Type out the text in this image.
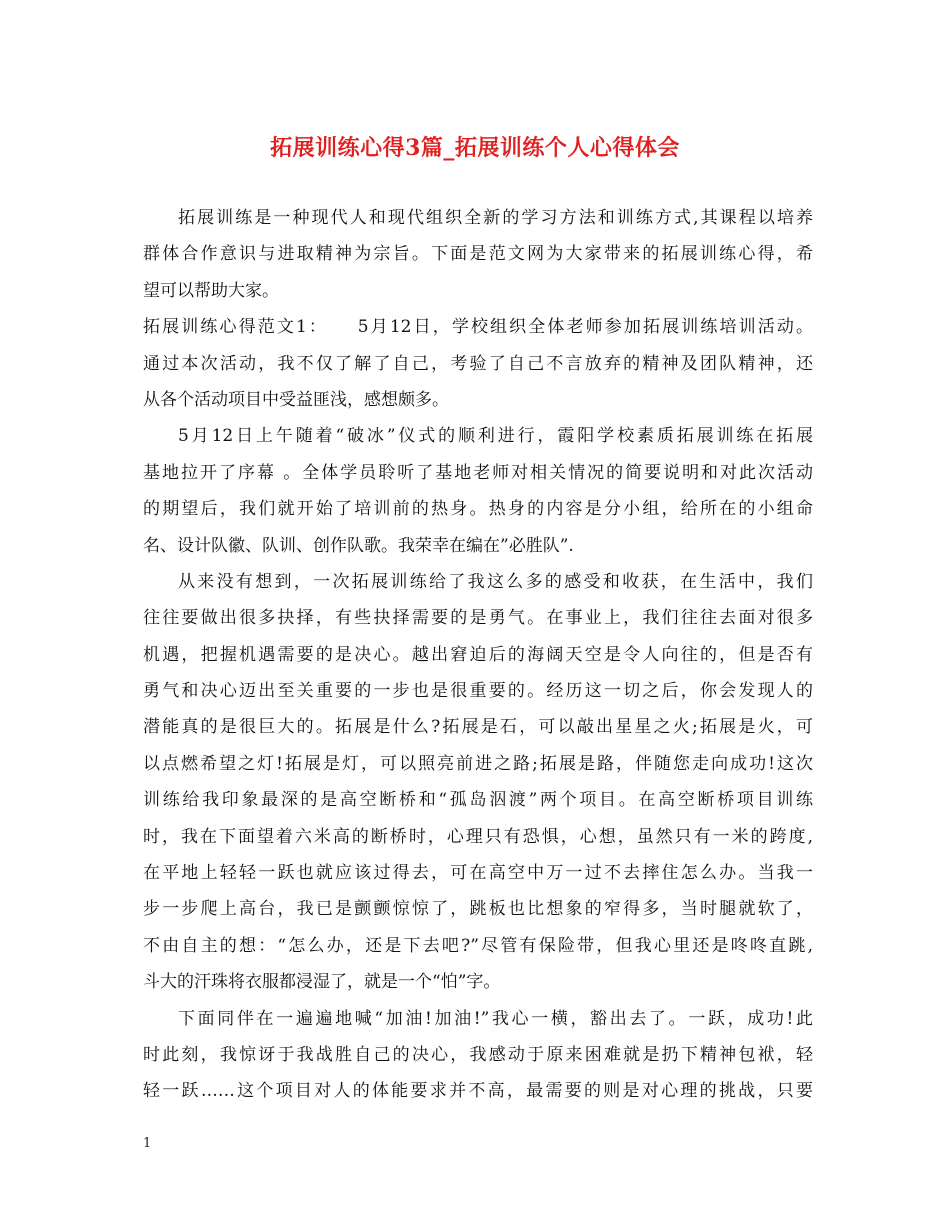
拓展训练心得3篇_拓展训练个人心得体会
拓展训练是一种现代人和现代组织全新的学习方法和训练方式,其课程以培养
群体合作意识与进取精神为宗旨。下面是范文网为大家带来的拓展训练心得，希
望可以帮助大家。
拓展训练心得范文1：　　5月12日，学校组织全体老师参加拓展训练培训活动。
通过本次活动，我不仅了解了自己，考验了自己不言放弃的精神及团队精神，还
从各个活动项目中受益匪浅，感想颇多。
5月12日上午随着“破冰”仪式的顺利进行，霞阳学校素质拓展训练在拓展
基地拉开了序幕 。全体学员聆听了基地老师对相关情况的简要说明和对此次活动
的期望后，我们就开始了培训前的热身。热身的内容是分小组，给所在的小组命
名、设计队徽、队训、创作队歌。我荣幸在编在”必胜队”.
从来没有想到，一次拓展训练给了我这么多的感受和收获，在生活中，我们
往往要做出很多抉择，有些抉择需要的是勇气。在事业上，我们往往去面对很多
机遇，把握机遇需要的是决心。越出窘迫后的海阔天空是令人向往的，但是否有
勇气和决心迈出至关重要的一步也是很重要的。经历这一切之后，你会发现人的
潜能真的是很巨大的。拓展是什么?拓展是石，可以敲出星星之火;拓展是火，可
以点燃希望之灯!拓展是灯，可以照亮前进之路;拓展是路，伴随您走向成功!这次
训练给我印象最深的是高空断桥和“孤岛泅渡”两个项目。在高空断桥项目训练
时，我在下面望着六米高的断桥时，心理只有恐惧，心想，虽然只有一米的跨度,
在平地上轻轻一跃也就应该过得去，可在高空中万一过不去摔住怎么办。当我一
步一步爬上高台，我已是颤颤惊惊了，跳板也比想象的窄得多，当时腿就软了，
不由自主的想：“怎么办，还是下去吧?”尽管有保险带，但我心里还是咚咚直跳,
斗大的汗珠将衣服都浸湿了，就是一个“怕”字。
下面同伴在一遍遍地喊“加油!加油!”我心一横，豁出去了。一跃，成功!此
时此刻，我惊讶于我战胜自己的决心，我感动于原来困难就是扔下精神包袱，轻
轻一跃……这个项目对人的体能要求并不高，最需要的则是对心理的挑战，只要
1
